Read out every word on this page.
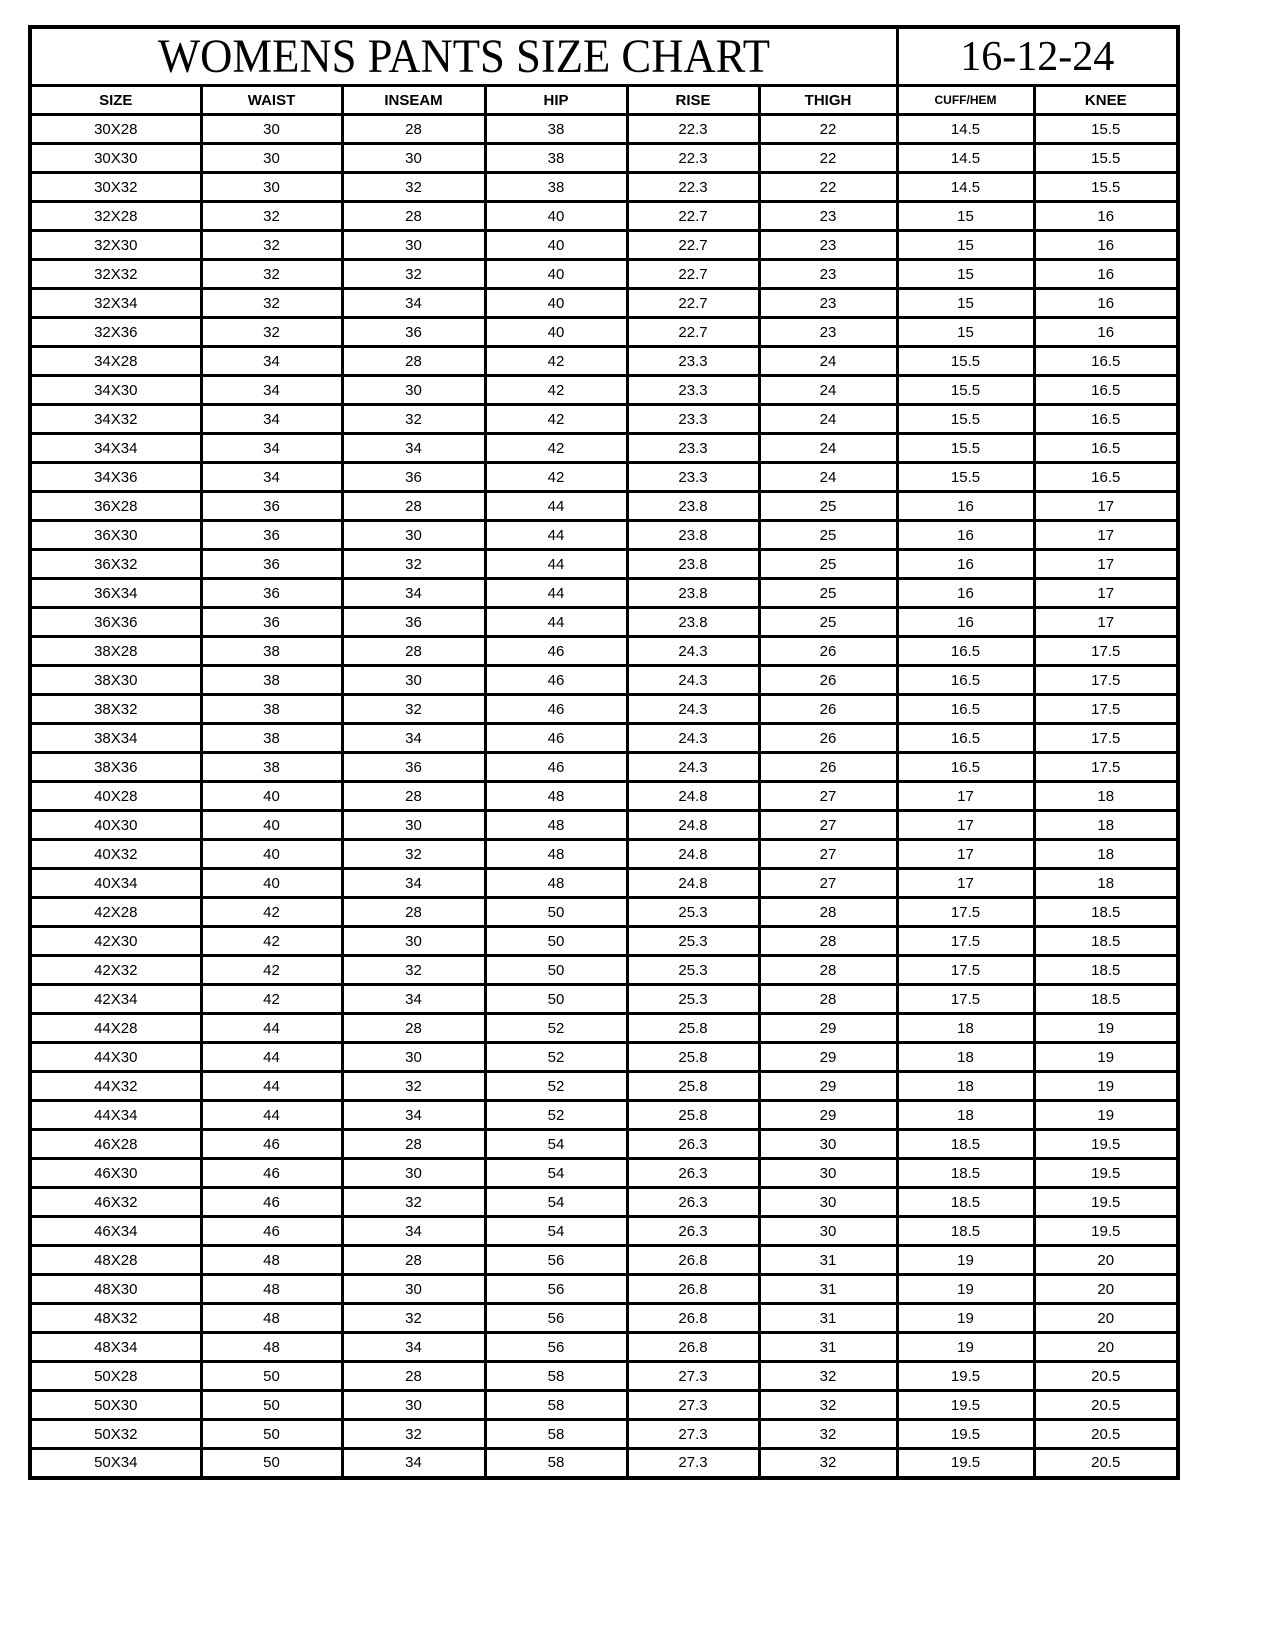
WOMENS PANTS SIZE CHART						16-12-24	
SIZE	WAIST	INSEAM	HIP	RISE	THIGH	CUFF/HEM	KNEE
30X28	30	28	38	22.3	22	14.5	15.5
30X30	30	30	38	22.3	22	14.5	15.5
30X32	30	32	38	22.3	22	14.5	15.5
32X28	32	28	40	22.7	23	15	16
32X30	32	30	40	22.7	23	15	16
32X32	32	32	40	22.7	23	15	16
32X34	32	34	40	22.7	23	15	16
32X36	32	36	40	22.7	23	15	16
34X28	34	28	42	23.3	24	15.5	16.5
34X30	34	30	42	23.3	24	15.5	16.5
34X32	34	32	42	23.3	24	15.5	16.5
34X34	34	34	42	23.3	24	15.5	16.5
34X36	34	36	42	23.3	24	15.5	16.5
36X28	36	28	44	23.8	25	16	17
36X30	36	30	44	23.8	25	16	17
36X32	36	32	44	23.8	25	16	17
36X34	36	34	44	23.8	25	16	17
36X36	36	36	44	23.8	25	16	17
38X28	38	28	46	24.3	26	16.5	17.5
38X30	38	30	46	24.3	26	16.5	17.5
38X32	38	32	46	24.3	26	16.5	17.5
38X34	38	34	46	24.3	26	16.5	17.5
38X36	38	36	46	24.3	26	16.5	17.5
40X28	40	28	48	24.8	27	17	18
40X30	40	30	48	24.8	27	17	18
40X32	40	32	48	24.8	27	17	18
40X34	40	34	48	24.8	27	17	18
42X28	42	28	50	25.3	28	17.5	18.5
42X30	42	30	50	25.3	28	17.5	18.5
42X32	42	32	50	25.3	28	17.5	18.5
42X34	42	34	50	25.3	28	17.5	18.5
44X28	44	28	52	25.8	29	18	19
44X30	44	30	52	25.8	29	18	19
44X32	44	32	52	25.8	29	18	19
44X34	44	34	52	25.8	29	18	19
46X28	46	28	54	26.3	30	18.5	19.5
46X30	46	30	54	26.3	30	18.5	19.5
46X32	46	32	54	26.3	30	18.5	19.5
46X34	46	34	54	26.3	30	18.5	19.5
48X28	48	28	56	26.8	31	19	20
48X30	48	30	56	26.8	31	19	20
48X32	48	32	56	26.8	31	19	20
48X34	48	34	56	26.8	31	19	20
50X28	50	28	58	27.3	32	19.5	20.5
50X30	50	30	58	27.3	32	19.5	20.5
50X32	50	32	58	27.3	32	19.5	20.5
50X34	50	34	58	27.3	32	19.5	20.5
